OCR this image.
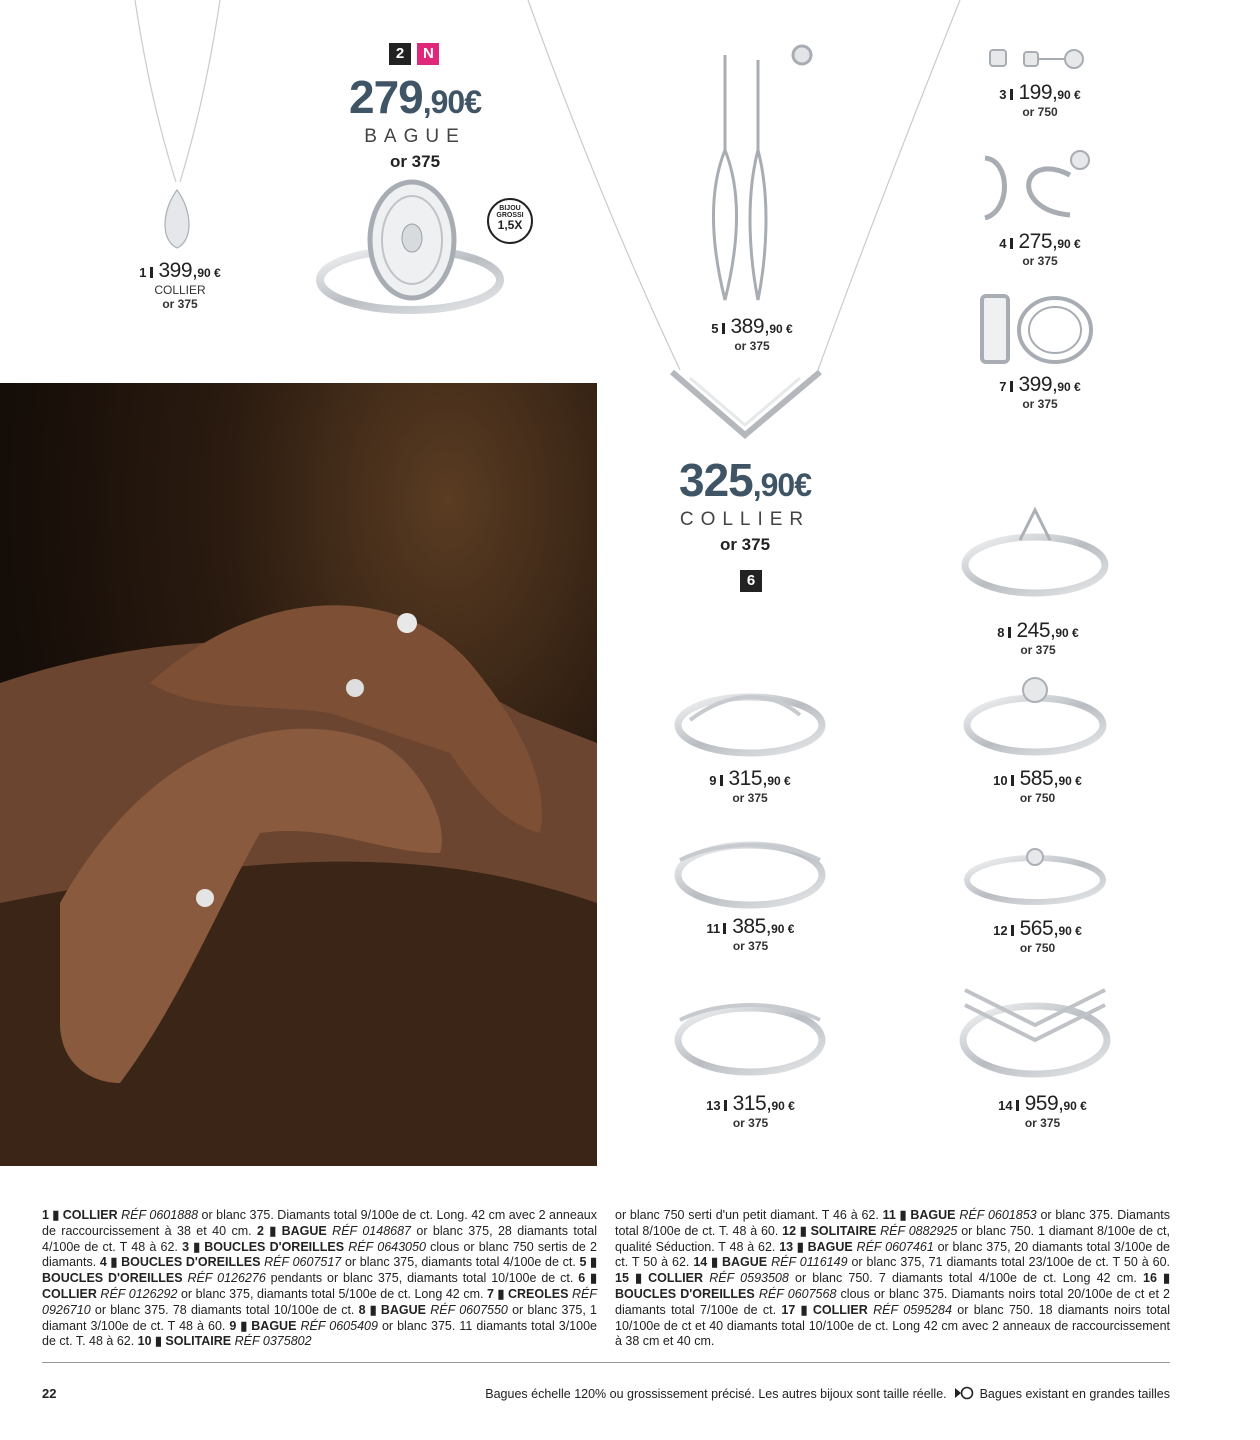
2 N
279,90€
BAGUE
or 375
BIJOU
GROSSI
1,5X
325,90€
COLLIER
or 375
6
1 399,90 €
COLLIER
or 375
3 199,90 €
or 750
4 275,90 €
or 375
5 389,90 €
or 375
7 399,90 €
or 375
8 245,90 €
or 375
9 315,90 €
or 375
10 585,90 €
or 750
11 385,90 €
or 375
12 565,90 €
or 750
13 315,90 €
or 375
14 959,90 €
or 375
1 ▮ COLLIER RÉF 0601888 or blanc 375. Diamants total 9/100e de ct. Long. 42 cm avec 2 anneaux de raccourcissement à 38 et 40 cm. 2 ▮ BAGUE RÉF 0148687 or blanc 375, 28 diamants total 4/100e de ct. T 48 à 62. 3 ▮ BOUCLES D'OREILLES RÉF 0643050 clous or blanc 750 sertis de 2 diamants. 4 ▮ BOUCLES D'OREILLES RÉF 0607517 or blanc 375, diamants total 4/100e de ct. 5 ▮ BOUCLES D'OREILLES RÉF 0126276 pendants or blanc 375, diamants total 10/100e de ct. 6 ▮ COLLIER RÉF 0126292 or blanc 375, diamants total 5/100e de ct. Long 42 cm. 7 ▮ CREOLES RÉF 0926710 or blanc 375. 78 diamants total 10/100e de ct. 8 ▮ BAGUE RÉF 0607550 or blanc 375, 1 diamant 3/100e de ct. T 48 à 60. 9 ▮ BAGUE RÉF 0605409 or blanc 375. 11 diamants total 3/100e de ct. T. 48 à 62. 10 ▮ SOLITAIRE RÉF 0375802
or blanc 750 serti d'un petit diamant. T 46 à 62. 11 ▮ BAGUE RÉF 0601853 or blanc 375. Diamants total 8/100e de ct. T. 48 à 60. 12 ▮ SOLITAIRE RÉF 0882925 or blanc 750. 1 diamant 8/100e de ct, qualité Séduction. T 48 à 62. 13 ▮ BAGUE RÉF 0607461 or blanc 375, 20 diamants total 3/100e de ct. T 50 à 62. 14 ▮ BAGUE RÉF 0116149 or blanc 375, 71 diamants total 23/100e de ct. T 50 à 60. 15 ▮ COLLIER RÉF 0593508 or blanc 750. 7 diamants total 4/100e de ct. Long 42 cm. 16 ▮ BOUCLES D'OREILLES RÉF 0607568 clous or blanc 375. Diamants noirs total 20/100e de ct et 2 diamants total 7/100e de ct. 17 ▮ COLLIER RÉF 0595284 or blanc 750. 18 diamants noirs total 10/100e de ct et 40 diamants total 10/100e de ct. Long 42 cm avec 2 anneaux de raccourcissement à 38 cm et 40 cm.
22	Bagues échelle 120% ou grossissement précisé. Les autres bijoux sont taille réelle.	Bagues existant en grandes tailles
